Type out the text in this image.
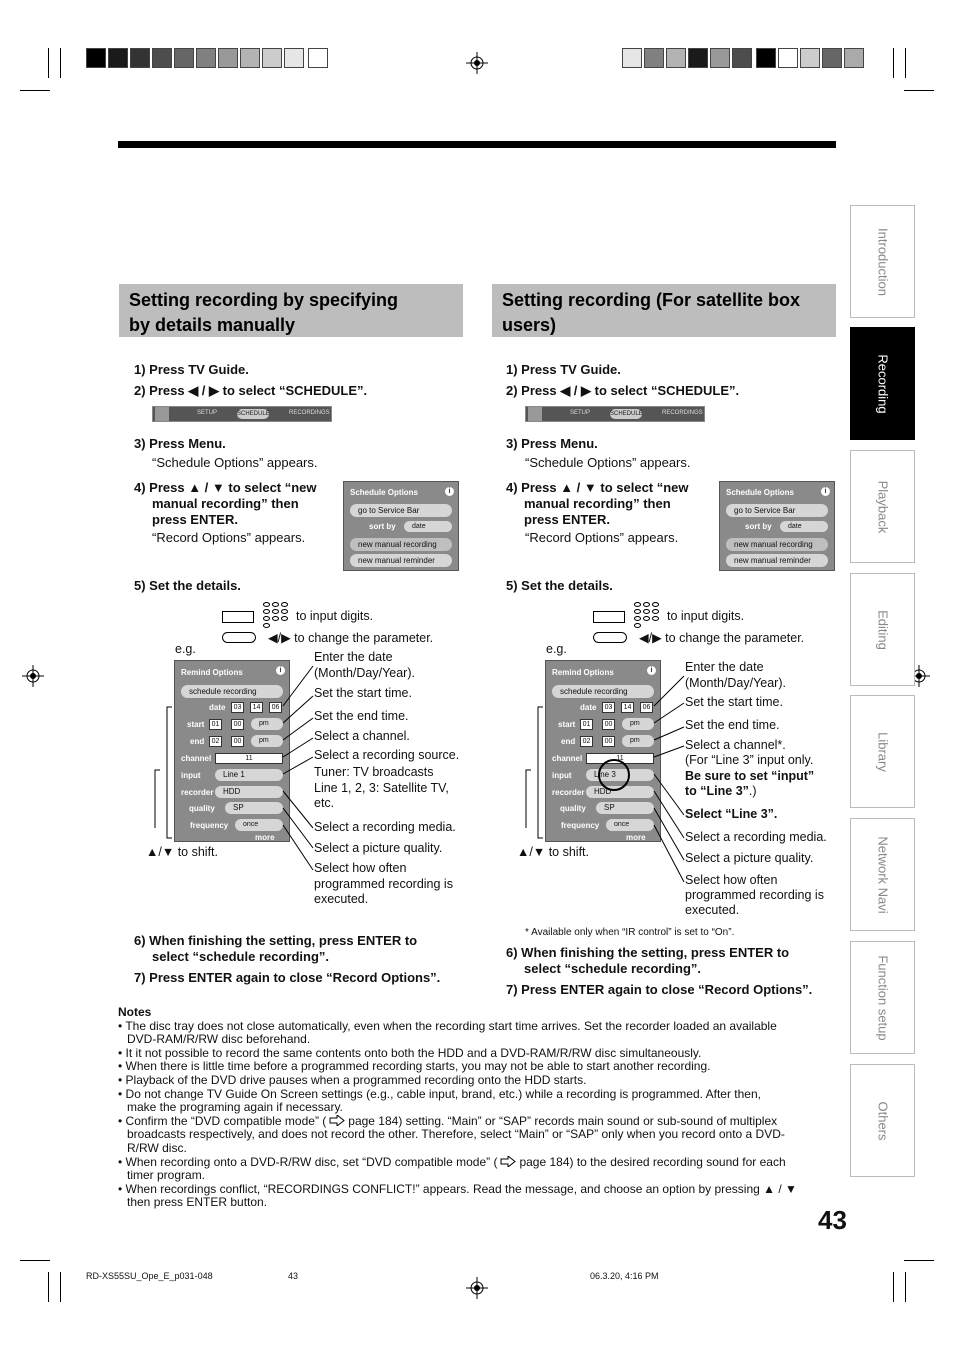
Introduction
Recording
Playback
Editing
Library
Network Navi
Function setup
Others
Setting recording by specifying
by details manually
Setting recording (For satellite box
users)
1) Press TV Guide.
2) Press ◀ / ▶ to select “SCHEDULE”.
SETUP	SCHEDULE	RECORDINGS
3) Press Menu.
“Schedule Options” appears.
4) Press ▲ / ▼ to select “new
manual recording” then
press ENTER.
“Record Options” appears.
Schedule Options	i
go to Service Bar
sort by	date
new manual recording
new manual reminder
5) Set the details.
to input digits.
◀/▶ to change the parameter.
e.g.
Remind Options	i
schedule recording
date	03	14	06
start	01	00	pm
end	02	00	pm
channel	11
input	Line 1
recorder	HDD
quality	SP
frequency	once
more
▲/▼ to shift.
Enter the date
(Month/Day/Year).
Set the start time.
Set the end time.
Select a channel.
Select a recording source.
Tuner: TV broadcasts
Line 1, 2, 3: Satellite TV,
etc.
Select a recording media.
Select a picture quality.
Select how often
programmed recording is
executed.
6) When finishing the setting, press ENTER to
select “schedule recording”.
7) Press ENTER again to close “Record Options”.
1) Press TV Guide.
2) Press ◀ / ▶ to select “SCHEDULE”.
SETUP	SCHEDULE	RECORDINGS
3) Press Menu.
“Schedule Options” appears.
4) Press ▲ / ▼ to select “new
manual recording” then
press ENTER.
“Record Options” appears.
Schedule Options	i
go to Service Bar
sort by	date
new manual recording
new manual reminder
5) Set the details.
to input digits.
◀/▶ to change the parameter.
e.g.
Remind Options	i
schedule recording
date	03	14	06
start	01	00	pm
end	02	00	pm
channel	11
input	Line 3
recorder	HDD
quality	SP
frequency	once
more
▲/▼ to shift.
Enter the date
(Month/Day/Year).
Set the start time.
Set the end time.
Select a channel*.
(For “Line 3” input only.
Be sure to set “input”
to “Line 3”.)
Select “Line 3”.
Select a recording media.
Select a picture quality.
Select how often
programmed recording is
executed.
* Available only when “IR control” is set to “On”.
6) When finishing the setting, press ENTER to
select “schedule recording”.
7) Press ENTER again to close “Record Options”.
Notes
• The disc tray does not close automatically, even when the recording start time arrives. Set the recorder loaded an available
DVD-RAM/R/RW disc beforehand.
• It it not possible to record the same contents onto both the HDD and a DVD-RAM/R/RW disc simultaneously.
• When there is little time before a programmed recording starts, you may not be able to start another recording.
• Playback of the DVD drive pauses when a programmed recording onto the HDD starts.
• Do not change TV Guide On Screen settings (e.g., cable input, brand, etc.) while a recording is programmed. After then,
make the programing again if necessary.
• Confirm the “DVD compatible mode” ( page 184) setting. “Main” or “SAP” records main sound or sub-sound of multiplex
broadcasts respectively, and does not record the other. Therefore, select “Main” or “SAP” only when you record onto a DVD-
R/RW disc.
• When recording onto a DVD-R/RW disc, set “DVD compatible mode” ( page 184) to the desired recording sound for each
timer program.
• When recordings conflict, “RECORDINGS CONFLICT!” appears. Read the message, and choose an option by pressing ▲ / ▼
then press ENTER button.
43
RD-XS55SU_Ope_E_p031-048	43	06.3.20, 4:16 PM
